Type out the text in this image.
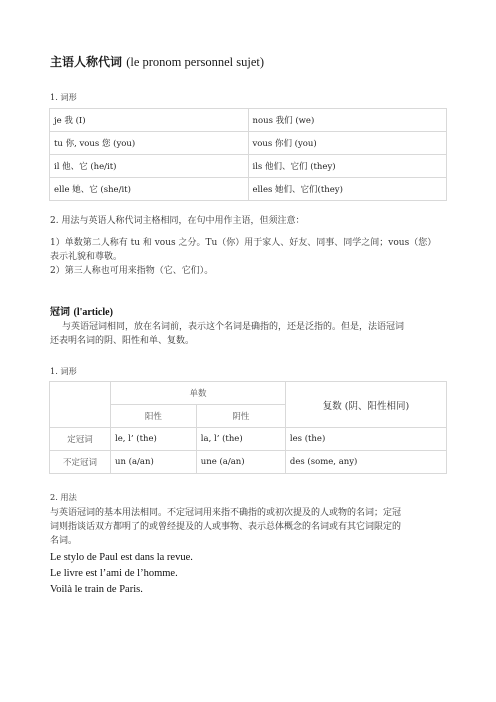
主语人称代词 (le pronom personnel sujet)
1. 词形
je 我 (I)	nous 我们 (we)
tu 你, vous 您 (you)	vous 你们 (you)
il 他、它 (he/it)	ils 他们、它们 (they)
elle 她、它 (she/it)	elles 她们、它们(they)
2. 用法与英语人称代词主格相同，在句中用作主语，但须注意：
1）单数第二人称有 tu 和 vous 之分。Tu（你）用于家人、好友、同事、同学之间；vous（您）
表示礼貌和尊敬。
2）第三人称也可用来指物（它、它们）。
冠词 (l'article)
与英语冠词相同，放在名词前，表示这个名词是确指的，还是泛指的。但是，法语冠词
还表明名词的阴、阳性和单、复数。
1. 词形
	单数		复数 (阴、阳性相同)
	阳性	阴性	
定冠词	le, l’ (the)	la, l’ (the)	les (the)
不定冠词	un (a/an)	une (a/an)	des (some, any)
2. 用法
与英语冠词的基本用法相同。不定冠词用来指不确指的或初次提及的人或物的名词；定冠
词则指谈话双方都明了的或曾经提及的人或事物、表示总体概念的名词或有其它词限定的
名词。
Le stylo de Paul est dans la revue.
Le livre est l’ami de l’homme.
Voilà le train de Paris.
